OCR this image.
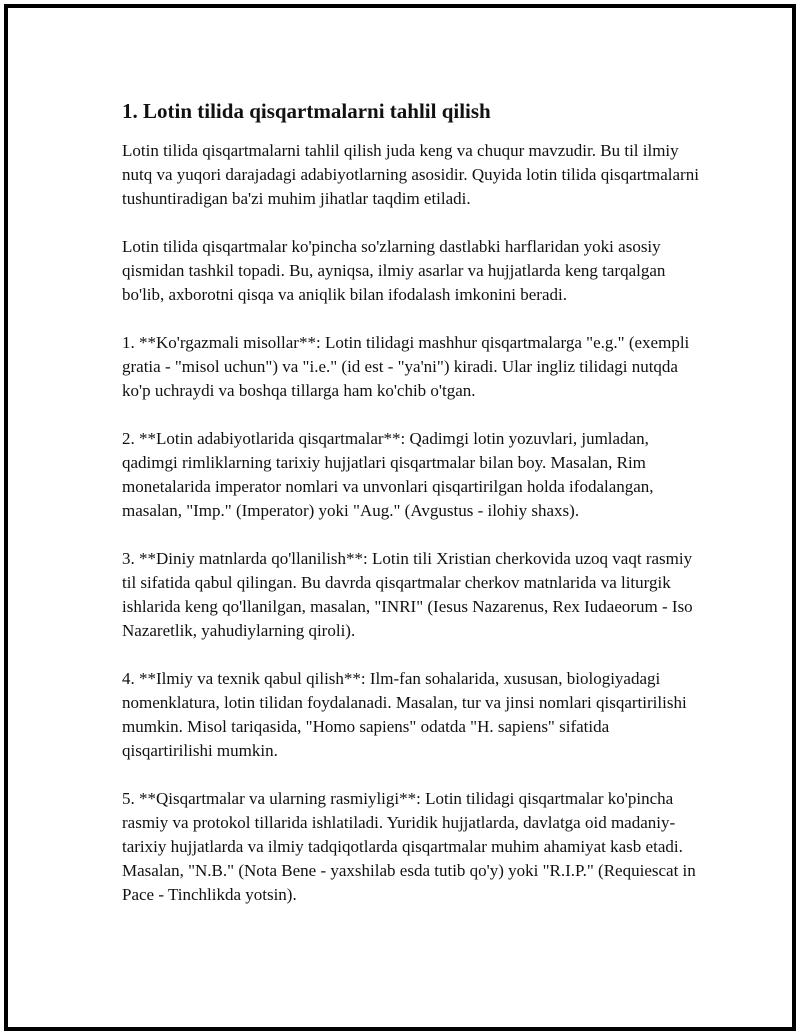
1. Lotin tilida qisqartmalarni tahlil qilish

Lotin tilida qisqartmalarni tahlil qilish juda keng va chuqur mavzudir. Bu til ilmiy nutq va yuqori darajadagi adabiyotlarning asosidir. Quyida lotin tilida qisqartmalarni tushuntiradigan ba'zi muhim jihatlar taqdim etiladi.

Lotin tilida qisqartmalar ko'pincha so'zlarning dastlabki harflaridan yoki asosiy qismidan tashkil topadi. Bu, ayniqsa, ilmiy asarlar va hujjatlarda keng tarqalgan bo'lib, axborotni qisqa va aniqlik bilan ifodalash imkonini beradi.

1. **Ko'rgazmali misollar**: Lotin tilidagi mashhur qisqartmalarga "e.g." (exempli gratia - "misol uchun") va "i.e." (id est - "ya'ni") kiradi. Ular ingliz tilidagi nutqda ko'p uchraydi va boshqa tillarga ham ko'chib o'tgan.

2. **Lotin adabiyotlarida qisqartmalar**: Qadimgi lotin yozuvlari, jumladan, qadimgi rimliklarning tarixiy hujjatlari qisqartmalar bilan boy. Masalan, Rim monetalarida imperator nomlari va unvonlari qisqartirilgan holda ifodalangan, masalan, "Imp." (Imperator) yoki "Aug." (Avgustus - ilohiy shaxs).

3. **Diniy matnlarda qo'llanilish**: Lotin tili Xristian cherkovida uzoq vaqt rasmiy til sifatida qabul qilingan. Bu davrda qisqartmalar cherkov matnlarida va liturgik ishlarida keng qo'llanilgan, masalan, "INRI" (Iesus Nazarenus, Rex Iudaeorum - Iso Nazaretlik, yahudiylarning qiroli).

4. **Ilmiy va texnik qabul qilish**: Ilm-fan sohalarida, xususan, biologiyadagi nomenklatura, lotin tilidan foydalanadi. Masalan, tur va jinsi nomlari qisqartirilishi mumkin. Misol tariqasida, "Homo sapiens" odatda "H. sapiens" sifatida qisqartirilishi mumkin.

5. **Qisqartmalar va ularning rasmiyligi**: Lotin tilidagi qisqartmalar ko'pincha rasmiy va protokol tillarida ishlatiladi. Yuridik hujjatlarda, davlatga oid madaniy-tarixiy hujjatlarda va ilmiy tadqiqotlarda qisqartmalar muhim ahamiyat kasb etadi. Masalan, "N.B." (Nota Bene - yaxshilab esda tutib qo'y) yoki "R.I.P." (Requiescat in Pace - Tinchlikda yotsin).
